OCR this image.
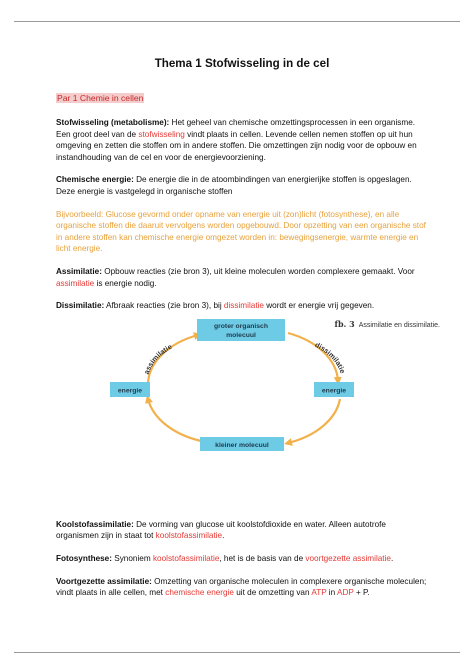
Thema 1 Stofwisseling in de cel
Par 1 Chemie in cellen

Stofwisseling (metabolisme): Het geheel van chemische omzettingsprocessen in een organisme. Een groot deel van de stofwisseling vindt plaats in cellen. Levende cellen nemen stoffen op uit hun omgeving en zetten die stoffen om in andere stoffen. Die omzettingen zijn nodig voor de opbouw en instandhouding van de cel en voor de energievoorziening.

Chemische energie: De energie die in de atoombindingen van energierijke stoffen is opgeslagen. Deze energie is vastgelegd in organische stoffen

Bijvoorbeeld: Glucose gevormd onder opname van energie uit (zon)licht (fotosynthese), en alle organische stoffen die daaruit vervolgens worden opgebouwd. Door opzetting van een organische stof in andere stoffen kan chemische energie omgezet worden in: bewegingsenergie, warmte energie en licht energie.

Assimilatie: Opbouw reacties (zie bron 3), uit kleine moleculen worden complexere gemaakt. Voor assimilatie is energie nodig.

Dissimilatie: Afbraak reacties (zie bron 3), bij dissimilatie wordt er energie vrij gegeven.

fb. 3 Assimilatie en dissimilatie.
assimilatie	dissimilatie
groter organisch
molecuul
kleiner molecuul
energie	energie

Koolstofassimilatie: De vorming van glucose uit koolstofdioxide en water. Alleen autotrofe organismen zijn in staat tot koolstofassimilatie.

Fotosynthese: Synoniem koolstofassimilatie, het is de basis van de voortgezette assimilatie.

Voortgezette assimilatie: Omzetting van organische moleculen in complexere organische moleculen; vindt plaats in alle cellen, met chemische energie uit de omzetting van ATP in ADP + P.
